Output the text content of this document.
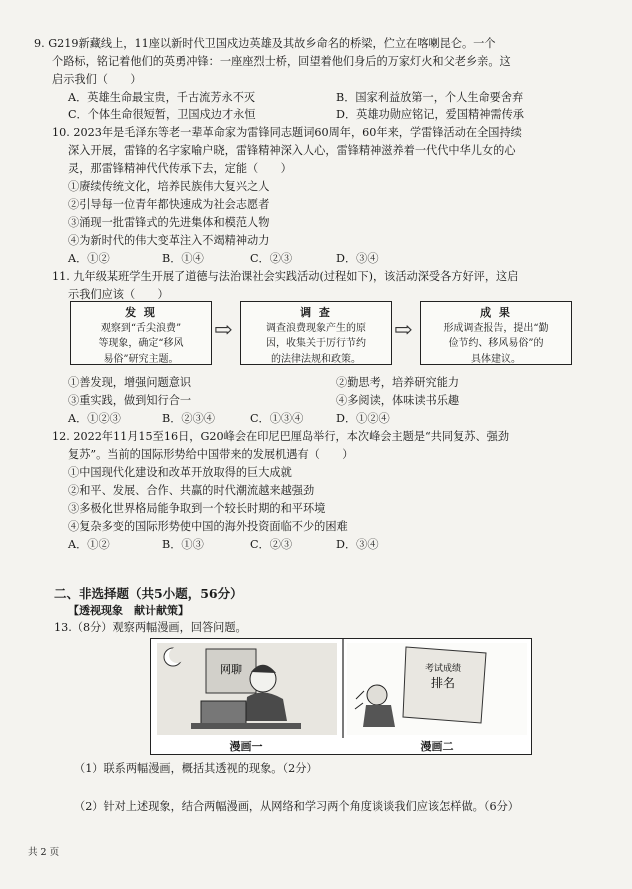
9. G219新藏线上，11座以新时代卫国戍边英雄及其故乡命名的桥梁，伫立在喀喇昆仑。一个
个路标，铭记着他们的英勇冲锋：一座座烈士桥，回望着他们身后的万家灯火和父老乡亲。这
启示我们（　　）
A．英雄生命最宝贵，千古流芳永不灭	B．国家利益放第一，个人生命要舍弃
C．个体生命很短暂，卫国戍边才永恒	D．英雄功勋应铭记，爱国精神需传承
10. 2023年是毛泽东等老一辈革命家为雷锋同志题词60周年，60年来，学雷锋活动在全国持续
深入开展，雷锋的名字家喻户晓，雷锋精神深入人心，雷锋精神滋养着一代代中华儿女的心
灵，那雷锋精神代代传承下去，定能（　　）
①赓续传统文化，培养民族伟大复兴之人
②引导每一位青年都快速成为社会志愿者
③涌现一批雷锋式的先进集体和模范人物
④为新时代的伟大变革注入不竭精神动力
A．①②	B．①④	C．②③	D．③④
11. 九年级某班学生开展了道德与法治课社会实践活动(过程如下)，该活动深受各方好评，这启
示我们应该（　　）
发 现
观察到“舌尖浪费”
等现象，确定“移风
易俗”研究主题。
⇨
调 查
调查浪费现象产生的原
因，收集关于厉行节约
的法律法规和政策。
⇨
成 果
形成调查报告，提出“勤
俭节约、移风易俗”的
具体建议。
①善发现，增强问题意识	②勤思考，培养研究能力
③重实践，做到知行合一	④多阅读，体味读书乐趣
A．①②③	B．②③④	C．①③④	D．①②④
12. 2022年11月15至16日，G20峰会在印尼巴厘岛举行，本次峰会主题是“共同复苏、强劲
复苏”。当前的国际形势给中国带来的发展机遇有（　　）
①中国现代化建设和改革开放取得的巨大成就
②和平、发展、合作、共赢的时代潮流越来越强劲
③多极化世界格局能争取到一个较长时期的和平环境
④复杂多变的国际形势使中国的海外投资面临不少的困难
A．①②	B．①③	C．②③	D．③④
二、非选择题（共5小题，56分）
【透视现象　献计献策】
13.（8分）观察两幅漫画，回答问题。
网聊	考试成绩
排名
漫画一	漫画二
（1）联系两幅漫画，概括其透视的现象。（2分）
（2）针对上述现象，结合两幅漫画，从网络和学习两个角度谈谈我们应该怎样做。（6分）
共 2 页
